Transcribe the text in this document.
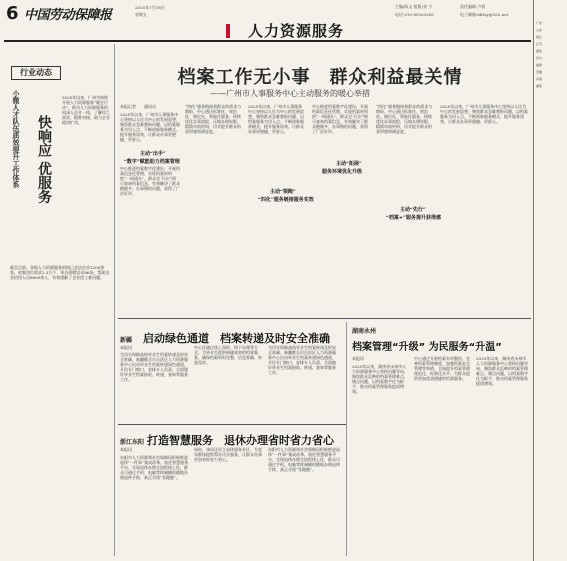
6 中国劳动保障报
2025年7月18日
星期五
人力资源服务
主编/陈文 组版/张 宁	责任编辑 卢晨
电话:010-85503385	电子邮箱:ldrlzy@263.net
行业动态
快响应 优服务
小微人才队伍质效提升工作体系	2025年以来，广州市持续开展人力资源服务“暖企行动”，推动人力资源服务机构深入企业一线，了解用工需求，精准对接，助力企业稳岗扩岗。
截至目前，各级人力资源服务机构已走访企业1200余家，收集岗位需求2.3万个，举办招聘活动86场，帮助企业招用人员8600余人，有效缓解了企业招工难问题。
档案工作无小事　群众利益最关情
——广州市人事服务中心主动服务的暖心举措
本报记者　　通讯员
2025年以来，广州市人事服务中心坚持以人民为中心的发展思想，聚焦群众急难愁盼问题，以档案服务为切入点，不断创新服务模式，提升服务质效，让群众办事更便捷、更舒心。
主动“出手”
“数字”赋能助力档案管理
中心推进档案数字化建设，开展档案信息化管理，实现档案材料的“一网通办”，群众足不出户即可查询档案信息，有效解决了群众跑腿多、办事慢的问题，获得了广泛好评。
“四化”服务链接着群众的需求与期盼，中心通过标准化、规范化、便民化、智能化服务，持续优化办事流程，压缩办理时限，精简申请材料，切实提升群众的获得感和满意度。
2025年以来，广州市人事服务中心坚持以人民为中心的发展思想，聚焦群众急难愁盼问题，以档案服务为切入点，不断创新服务模式，提升服务质效，让群众办事更便捷、更舒心。
主动“领跑”
“四化”服务链接服务实效
中心推进档案数字化建设，开展档案信息化管理，实现档案材料的“一网通办”，群众足不出户即可查询档案信息，有效解决了群众跑腿多、办事慢的问题，获得了广泛好评。
主动“拓展”
服务环境优化升级
“四化”服务链接着群众的需求与期盼，中心通过标准化、规范化、便民化、智能化服务，持续优化办事流程，压缩办理时限，精简申请材料，切实提升群众的获得感和满意度。
主动“先行”
“档案+”服务提升获得感
2025年以来，广州市人事服务中心坚持以人民为中心的发展思想，聚焦群众急难愁盼问题，以档案服务为切入点，不断创新服务模式，提升服务质效，让群众办事更便捷、更舒心。
新疆 启动绿色通道　档案转递及时安全准确
本报讯
为切实保障高校毕业生档案转递及时安全准确，新疆维吾尔自治区人力资源服务中心启动毕业生档案转递绿色通道，开设专门窗口，安排专人负责，全面做好毕业生档案接收、转递、查询等服务工作。
中心还通过线上预约、线下办理等方式，为毕业生提供便捷高效的档案服务，确保档案材料完整、信息准确、转递及时。
为切实保障高校毕业生档案转递及时安全准确，新疆维吾尔自治区人力资源服务中心启动毕业生档案转递绿色通道，开设专门窗口，安排专人负责，全面做好毕业生档案接收、转递、查询等服务工作。
浙江东阳 打造智慧服务　退休办理省时省力省心
本报讯
东阳市人力资源和社会保障局积极推进退休“一件事”集成改革，依托智慧服务平台，实现退休办理全流程线上化，群众可通过手机、电脑等终端随时随地办理退休手续，真正实现“零跑腿”。
同时，该局还设立退休服务专区，为老年群体提供帮办代办服务，让群众办事更加省时省力省心。
东阳市人力资源和社会保障局积极推进退休“一件事”集成改革，依托智慧服务平台，实现退休办理全流程线上化，群众可通过手机、电脑等终端随时随地办理退休手续，真正实现“零跑腿”。
湖南永州
档案管理“升级” 为民服务“升温”
本报讯
2025年以来，湖南省永州市人力资源服务中心坚持问题导向，聚焦群众反映的档案管理难点、堵点问题，以档案数字化为抓手，推动档案管理服务提质增效。
中心通过开展档案专项整治、完善档案管理制度、加强档案安全管理等举措，全面提升档案管理规范化、标准化水平，为群众提供更加优质便捷的档案服务。
2025年以来，湖南省永州市人力资源服务中心坚持问题导向，聚焦群众反映的档案管理难点、堵点问题，以档案数字化为抓手，推动档案管理服务提质增效。
广东
山东
浙江
江苏
湖北
四川
福建
安徽
河南
湖南
